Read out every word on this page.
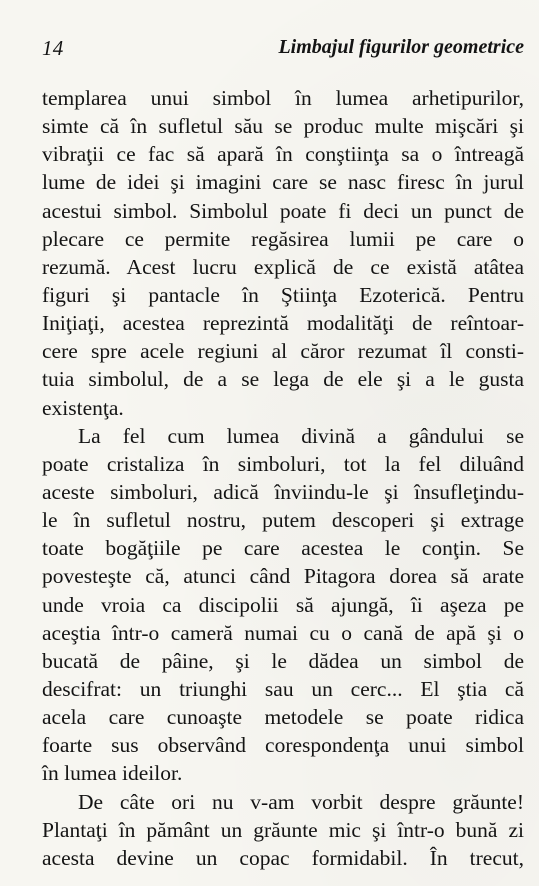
14	Limbajul figurilor geometrice
templarea unui simbol în lumea arhetipurilor,
simte că în sufletul său se produc multe mişcări şi
vibraţii ce fac să apară în conştiinţa sa o întreagă
lume de idei şi imagini care se nasc firesc în jurul
acestui simbol. Simbolul poate fi deci un punct de
plecare ce permite regăsirea lumii pe care o
rezumă. Acest lucru explică de ce există atâtea
figuri şi pantacle în Ştiinţa Ezoterică. Pentru
Iniţiaţi, acestea reprezintă modalităţi de reîntoar-
cere spre acele regiuni al căror rezumat îl consti-
tuia simbolul, de a se lega de ele şi a le gusta
existenţa.
La fel cum lumea divină a gândului se
poate cristaliza în simboluri, tot la fel diluând
aceste simboluri, adică înviindu-le şi însufleţindu-
le în sufletul nostru, putem descoperi şi extrage
toate bogăţiile pe care acestea le conţin. Se
povesteşte că, atunci când Pitagora dorea să arate
unde vroia ca discipolii să ajungă, îi aşeza pe
aceştia într-o cameră numai cu o cană de apă şi o
bucată de pâine, şi le dădea un simbol de
descifrat: un triunghi sau un cerc... El ştia că
acela care cunoaşte metodele se poate ridica
foarte sus observând corespondenţa unui simbol
în lumea ideilor.
De câte ori nu v-am vorbit despre grăunte!
Plantaţi în pământ un grăunte mic şi într-o bună zi
acesta devine un copac formidabil. În trecut,
